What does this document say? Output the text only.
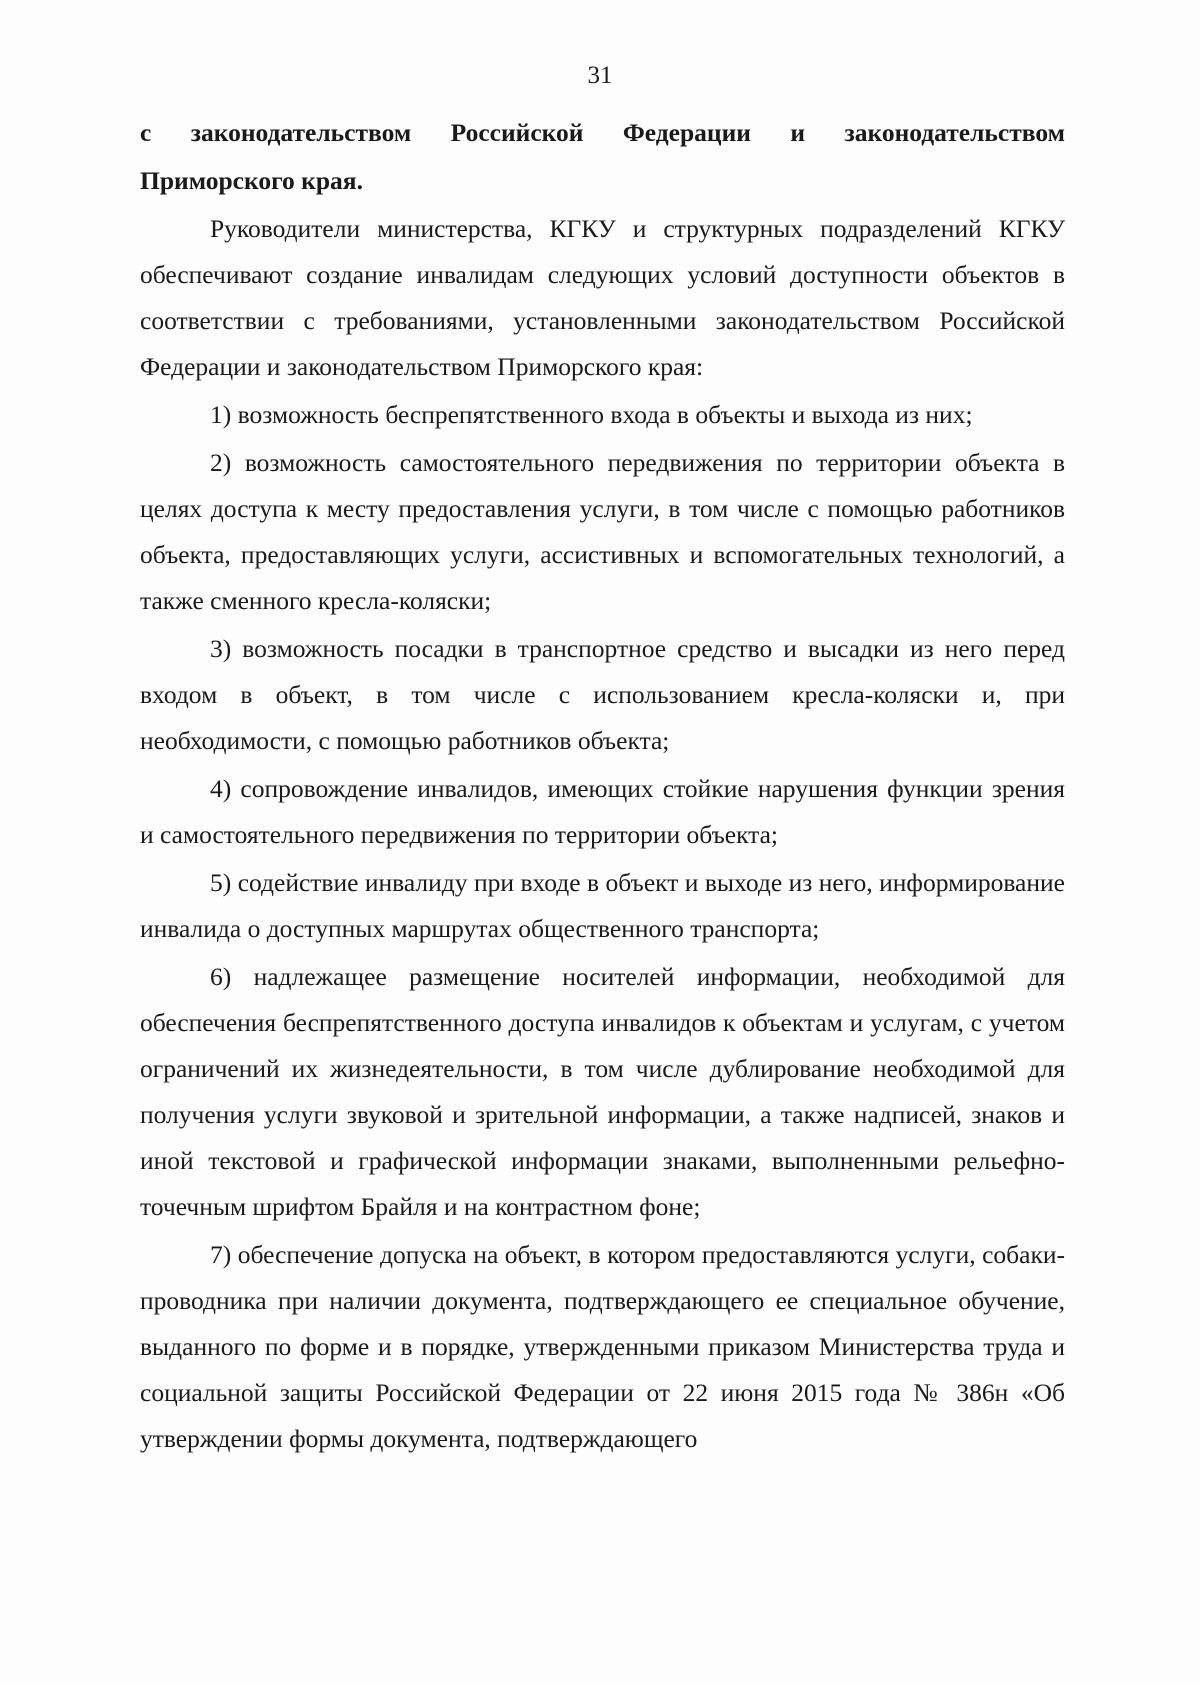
31

с законодательством Российской Федерации и законодательством

Приморского края.

Руководители министерства, КГКУ и структурных подразделений КГКУ обеспечивают создание инвалидам следующих условий доступности объектов в соответствии с требованиями, установленными законодательством Российской Федерации и законодательством Приморского края:

1) возможность беспрепятственного входа в объекты и выхода из них;

2) возможность самостоятельного передвижения по территории объекта в целях доступа к месту предоставления услуги, в том числе с помощью работников объекта, предоставляющих услуги, ассистивных и вспомогательных технологий, а также сменного кресла-коляски;

3) возможность посадки в транспортное средство и высадки из него перед входом в объект, в том числе с использованием кресла-коляски и, при необходимости, с помощью работников объекта;

4) сопровождение инвалидов, имеющих стойкие нарушения функции зрения и самостоятельного передвижения по территории объекта;

5) содействие инвалиду при входе в объект и выходе из него, информирование инвалида о доступных маршрутах общественного транспорта;

6) надлежащее размещение носителей информации, необходимой для обеспечения беспрепятственного доступа инвалидов к объектам и услугам, с учетом ограничений их жизнедеятельности, в том числе дублирование необходимой для получения услуги звуковой и зрительной информации, а также надписей, знаков и иной текстовой и графической информации знаками, выполненными рельефно-точечным шрифтом Брайля и на контрастном фоне;

7) обеспечение допуска на объект, в котором предоставляются услуги, собаки-проводника при наличии документа, подтверждающего ее специальное обучение, выданного по форме и в порядке, утвержденными приказом Министерства труда и социальной защиты Российской Федерации от 22 июня 2015 года № 386н «Об утверждении формы документа, подтверждающего
